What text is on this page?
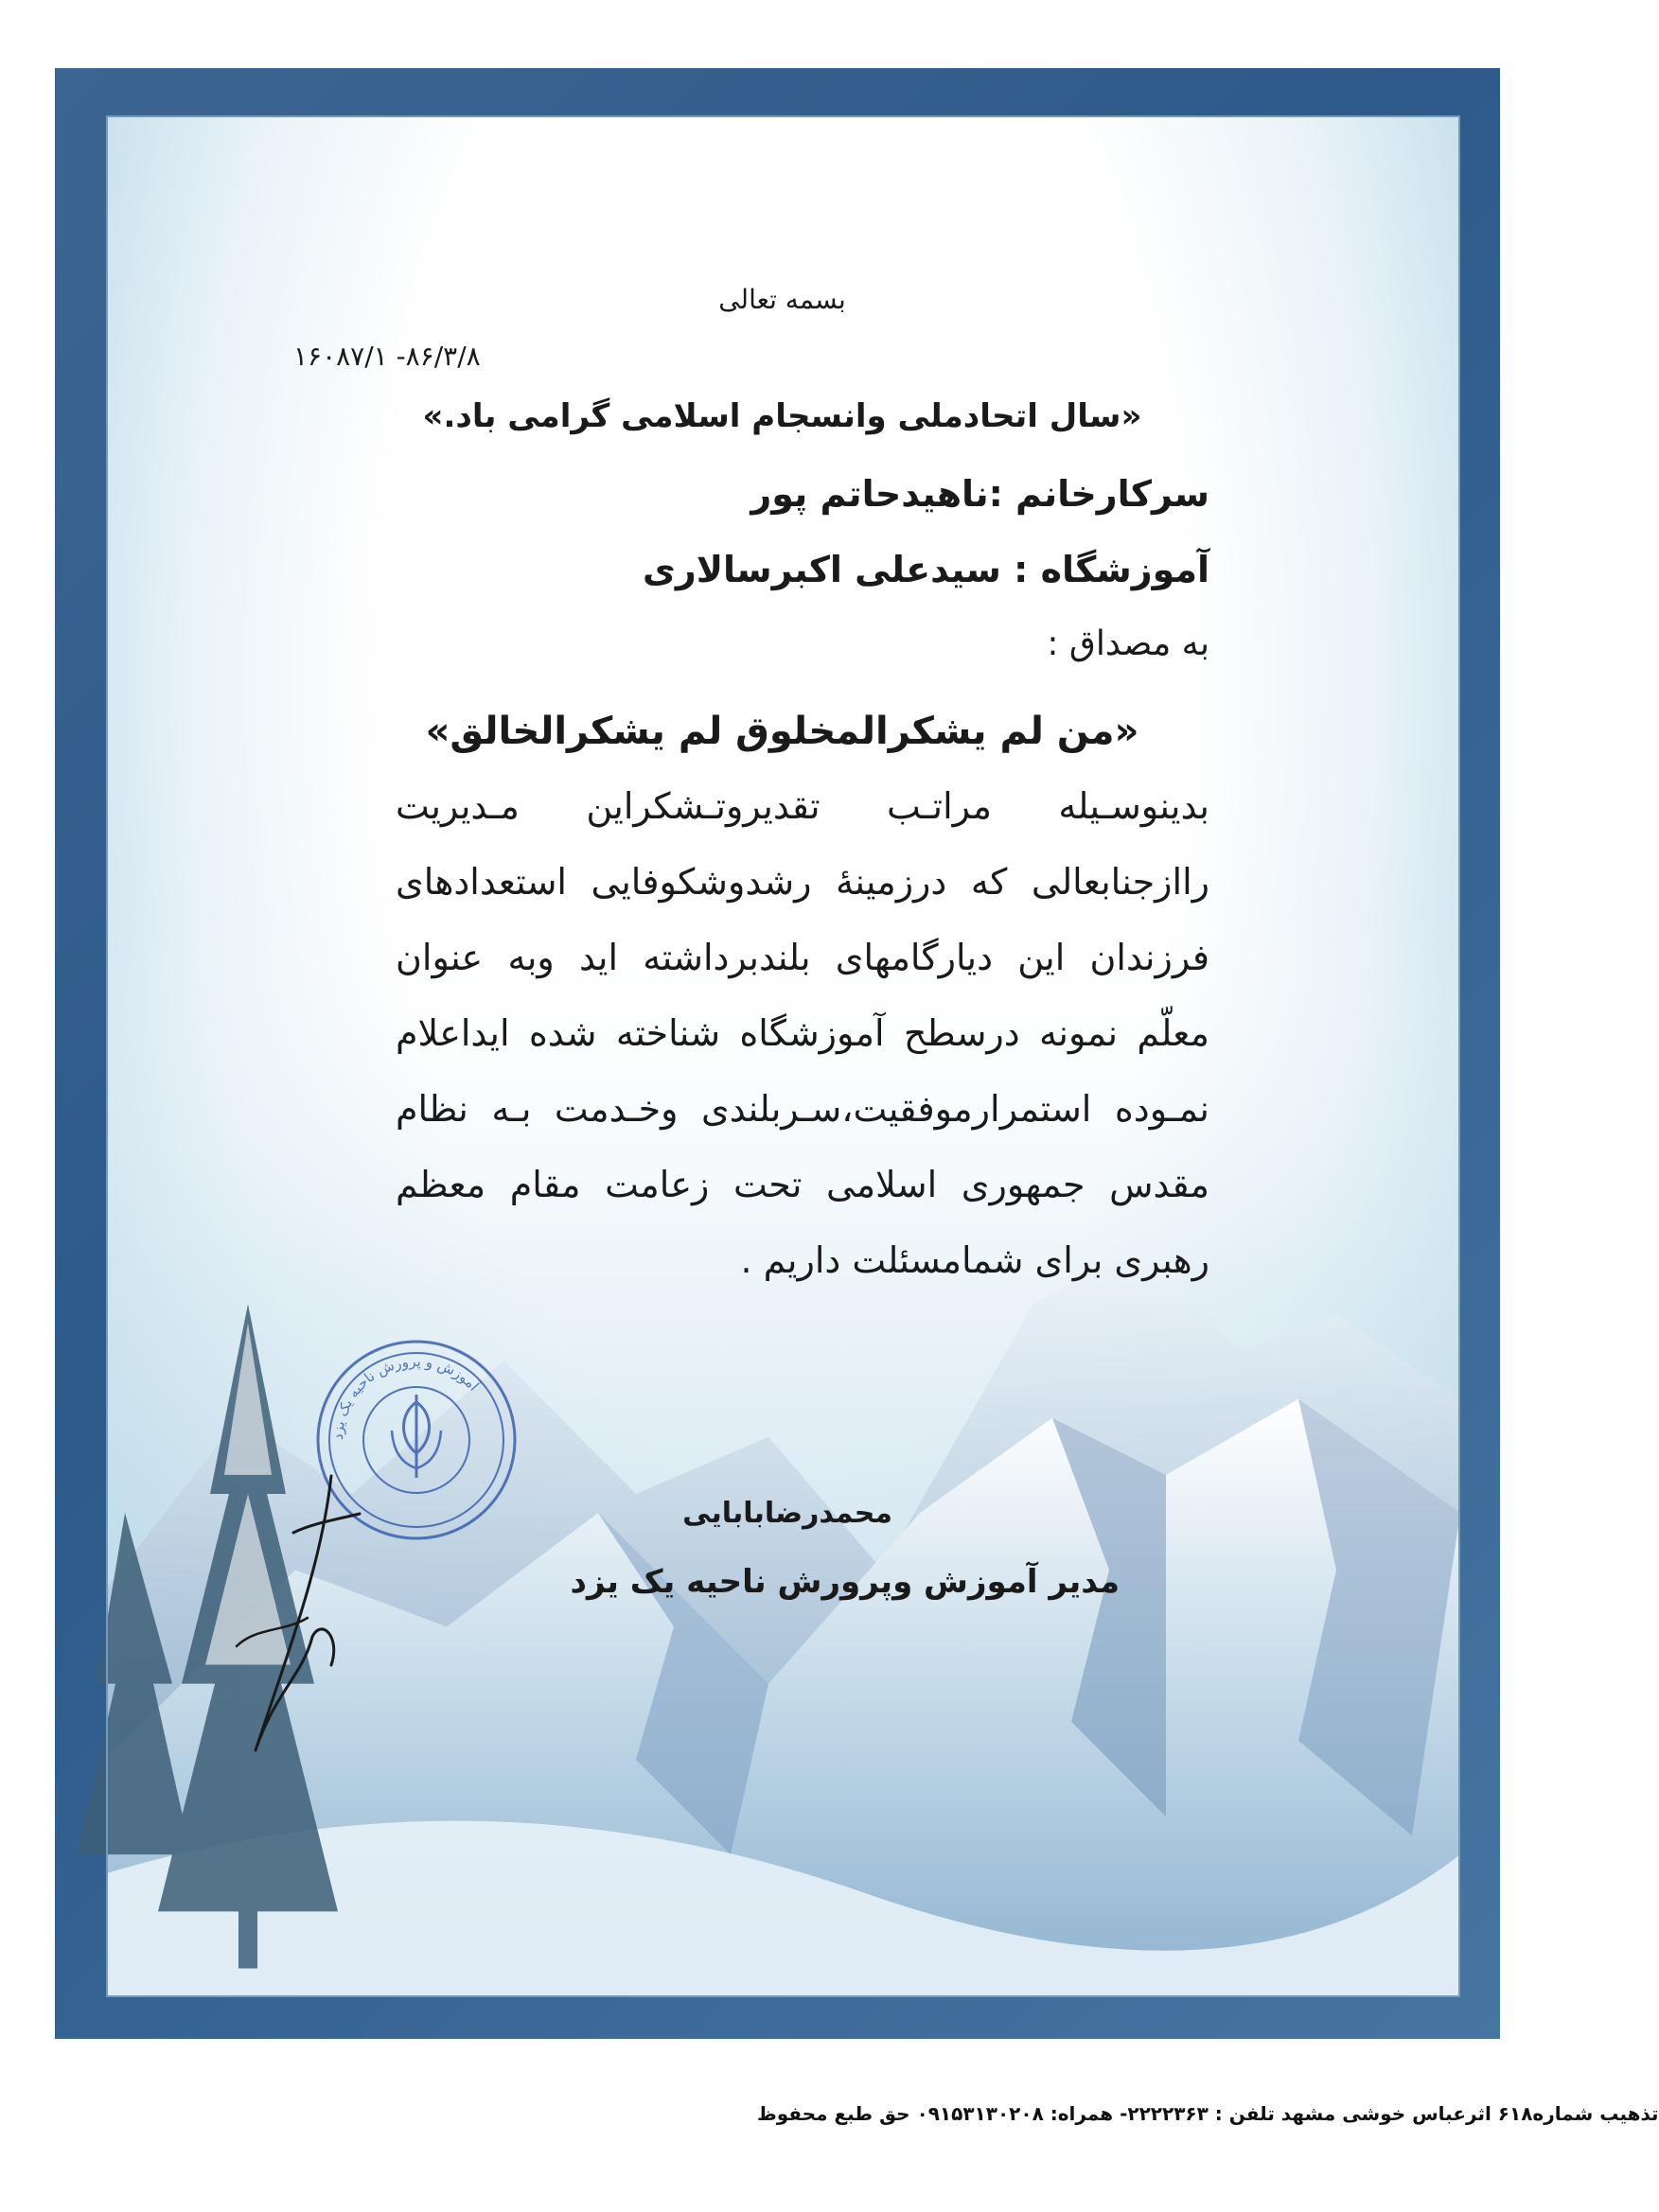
بسمه تعالی
۱۶۰۸۷/۱ -۸۶/۳/۸
«سال اتحادملی وانسجام اسلامی گرامی باد.»
سرکارخانم :ناهیدحاتم پور
آموزشگاه : سیدعلی اکبرسالاری
به مصداق :
«من لم یشکرالمخلوق لم یشکرالخالق»
بدینوسـیله مراتـب تقدیروتـشکراین مـدیریت
راازجنابعالی که درزمینهٔ رشدوشکوفایی استعدادهای
فرزندان این دیارگامهای بلندبرداشته اید وبه عنوان
معلّم نمونه درسطح آموزشگاه شناخته شده ایداعلام
نمـوده استمرارموفقیت،سـربلندی وخـدمت بـه نظام
مقدس جمهوری اسلامی تحت زعامت مقام معظم
رهبری برای شمامسئلت داریم .
محمدرضابابایی
مدیر آموزش وپرورش ناحیه یک یزد
آموزش و پرورش ناحیه یک یزد
تذهیب شماره۶۱۸ اثرعباس خوشی مشهد تلفن : ۲۲۲۲۳۶۳- همراه: ۰۹۱۵۳۱۳۰۲۰۸ حق طبع محفوظ
